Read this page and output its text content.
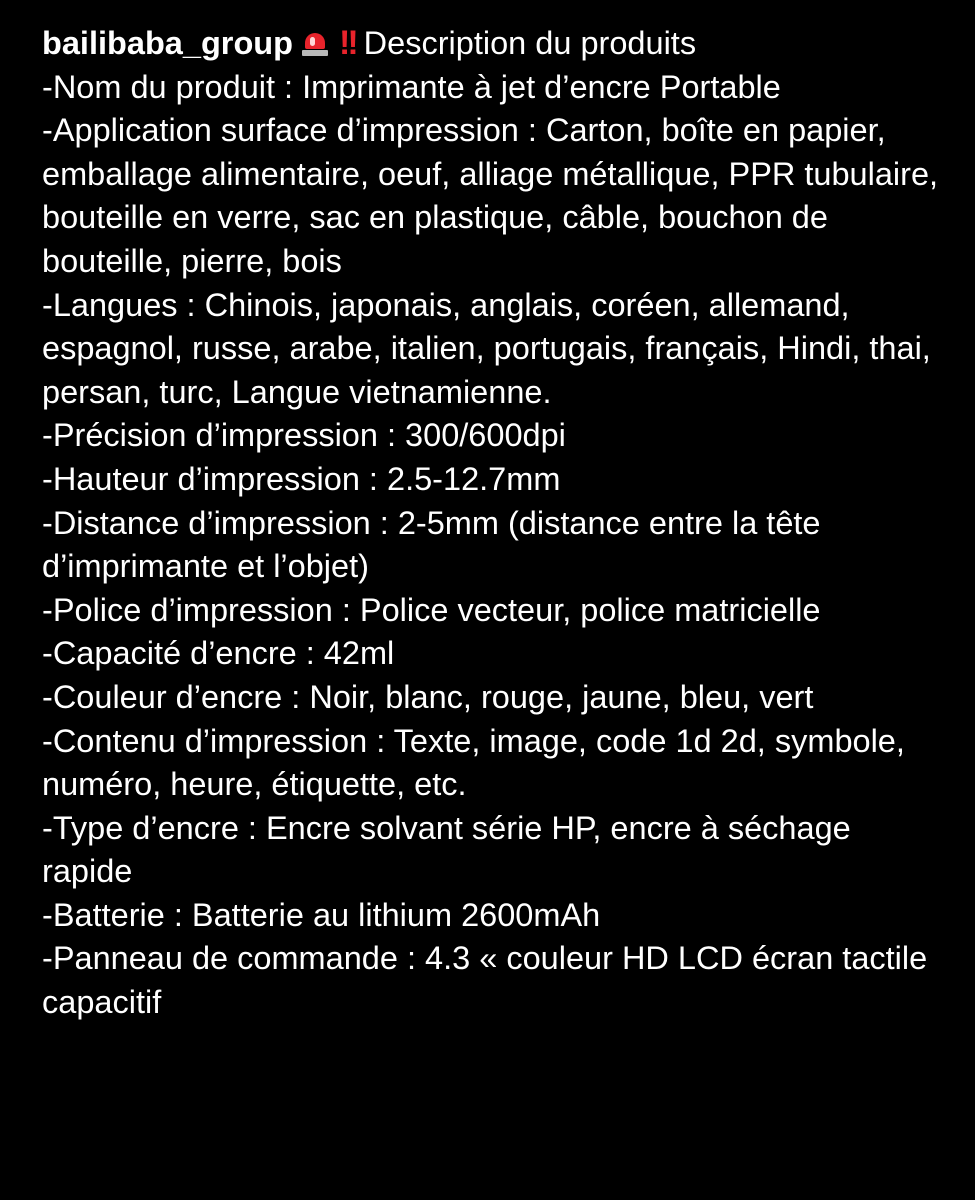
bailibaba_group !! Description du produits

-Nom du produit : Imprimante à jet d’encre Portable

-Application surface d’impression : Carton, boîte en papier, emballage alimentaire, oeuf, alliage métallique, PPR tubulaire, bouteille en verre, sac en plastique, câble, bouchon de bouteille, pierre, bois

-Langues : Chinois, japonais, anglais, coréen, allemand, espagnol, russe, arabe, italien, portugais, français, Hindi, thai, persan, turc, Langue vietnamienne.

-Précision d’impression : 300/600dpi

-Hauteur d’impression : 2.5-12.7mm

-Distance d’impression : 2-5mm (distance entre la tête d’imprimante et l’objet)

-Police d’impression : Police vecteur, police matricielle

-Capacité d’encre : 42ml

-Couleur d’encre : Noir, blanc, rouge, jaune, bleu, vert

-Contenu d’impression : Texte, image, code 1d 2d, symbole, numéro, heure, étiquette, etc.

-Type d’encre : Encre solvant série HP, encre à séchage rapide

-Batterie : Batterie au lithium 2600mAh

-Panneau de commande : 4.3 « couleur HD LCD écran tactile capacitif
